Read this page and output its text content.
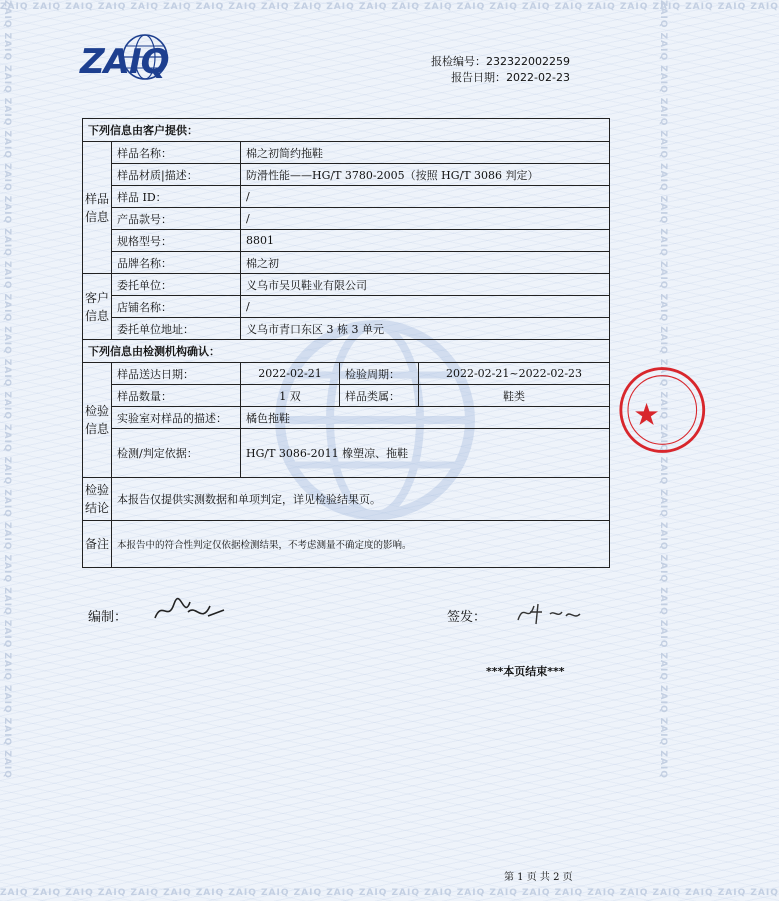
ZAIQ ZAIQ ZAIQ ZAIQ ZAIQ ZAIQ ZAIQ ZAIQ ZAIQ ZAIQ ZAIQ ZAIQ ZAIQ ZAIQ ZAIQ ZAIQ ZAIQ ZAIQ ZAIQ ZAIQ ZAIQ ZAIQ ZAIQ ZAIQ
ZAIQ ZAIQ ZAIQ ZAIQ ZAIQ ZAIQ ZAIQ ZAIQ ZAIQ ZAIQ ZAIQ ZAIQ ZAIQ ZAIQ ZAIQ ZAIQ ZAIQ ZAIQ ZAIQ ZAIQ ZAIQ ZAIQ ZAIQ ZAIQ
ZAIQ ZAIQ ZAIQ ZAIQ ZAIQ ZAIQ ZAIQ ZAIQ ZAIQ ZAIQ ZAIQ ZAIQ ZAIQ ZAIQ ZAIQ ZAIQ ZAIQ ZAIQ ZAIQ ZAIQ ZAIQ ZAIQ ZAIQ ZAIQ	ZAIQ ZAIQ ZAIQ ZAIQ ZAIQ ZAIQ ZAIQ ZAIQ ZAIQ ZAIQ ZAIQ ZAIQ ZAIQ ZAIQ ZAIQ ZAIQ ZAIQ ZAIQ ZAIQ ZAIQ ZAIQ ZAIQ ZAIQ ZAIQ
ZAIQ	报检编号：232322002259
报告日期：2022-02-23
下列信息由客户提供：				
样品信息	样品名称：	棉之初简约拖鞋		
	样品材质|描述：	防滑性能——HG/T 3780-2005（按照 HG/T 3086 判定）		
	样品 ID：	/		
	产品款号：	/		
	规格型号：	8801		
	品牌名称：	棉之初		
客户信息	委托单位：	义乌市吴贝鞋业有限公司		
	店铺名称：	/		
	委托单位地址：	义乌市青口东区 3 栋 3 单元		
下列信息由检测机构确认：				
检验信息	样品送达日期：	2022-02-21	检验周期：	2022-02-21~2022-02-23
	样品数量：	1 双	样品类属：	鞋类
	实验室对样品的描述：	橘色拖鞋		
	检测/判定依据：	HG/T 3086-2011 橡塑凉、拖鞋		
检验结论	本报告仅提供实测数据和单项判定，详见检验结果页。			
备注	本报告中的符合性判定仅依据检测结果，不考虑测量不确定度的影响。			
编制：	签发：
***本页结束***
第 1 页 共 2 页
